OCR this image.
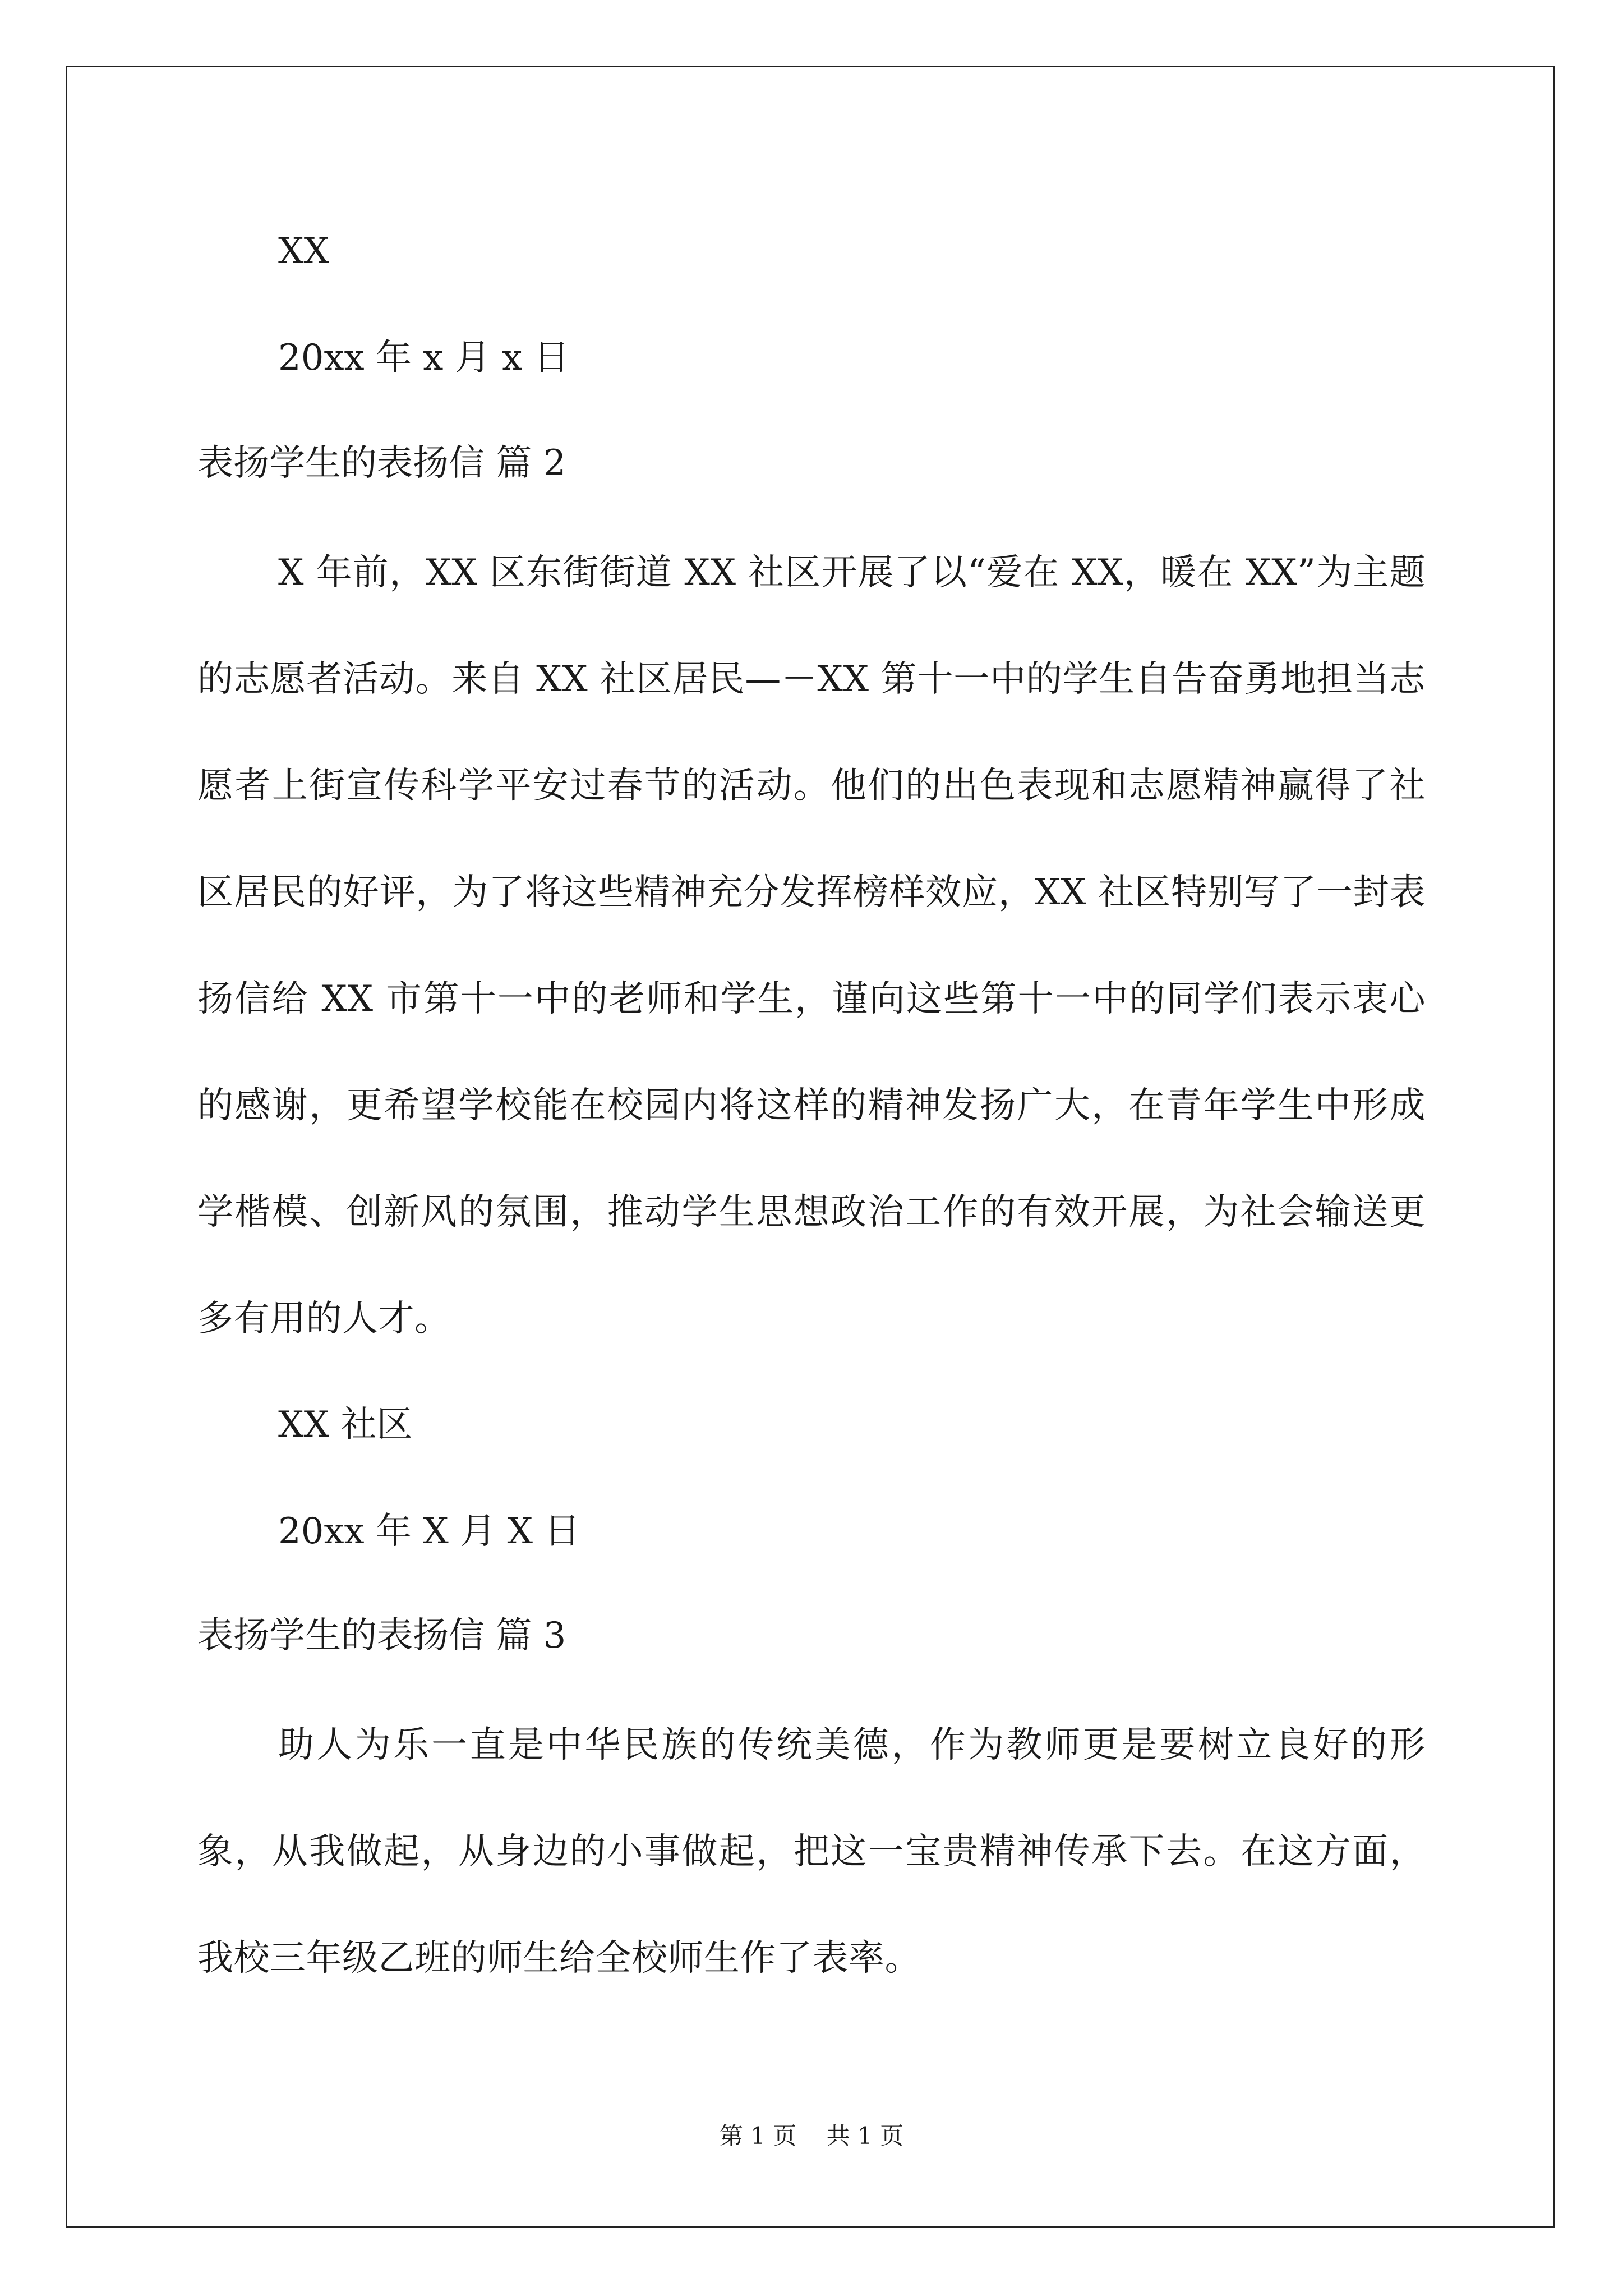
XX
20xx 年 x 月 x 日
表扬学生的表扬信 篇 2
X 年前，XX 区东街街道 XX 社区开展了以“爱在 XX，暖在 XX”为主题的志愿者活动。来自 XX 社区居民—－XX 第十一中的学生自告奋勇地担当志愿者上街宣传科学平安过春节的活动。他们的出色表现和志愿精神赢得了社区居民的好评，为了将这些精神充分发挥榜样效应，XX 社区特别写了一封表扬信给 XX 市第十一中的老师和学生，谨向这些第十一中的同学们表示衷心的感谢，更希望学校能在校园内将这样的精神发扬广大，在青年学生中形成学楷模、创新风的氛围，推动学生思想政治工作的有效开展，为社会输送更多有用的人才。
XX 社区
20xx 年 X 月 X 日
表扬学生的表扬信 篇 3
助人为乐一直是中华民族的传统美德，作为教师更是要树立良好的形象，从我做起，从身边的小事做起，把这一宝贵精神传承下去。在这方面，我校三年级乙班的师生给全校师生作了表率。
第 1 页    共 1 页
